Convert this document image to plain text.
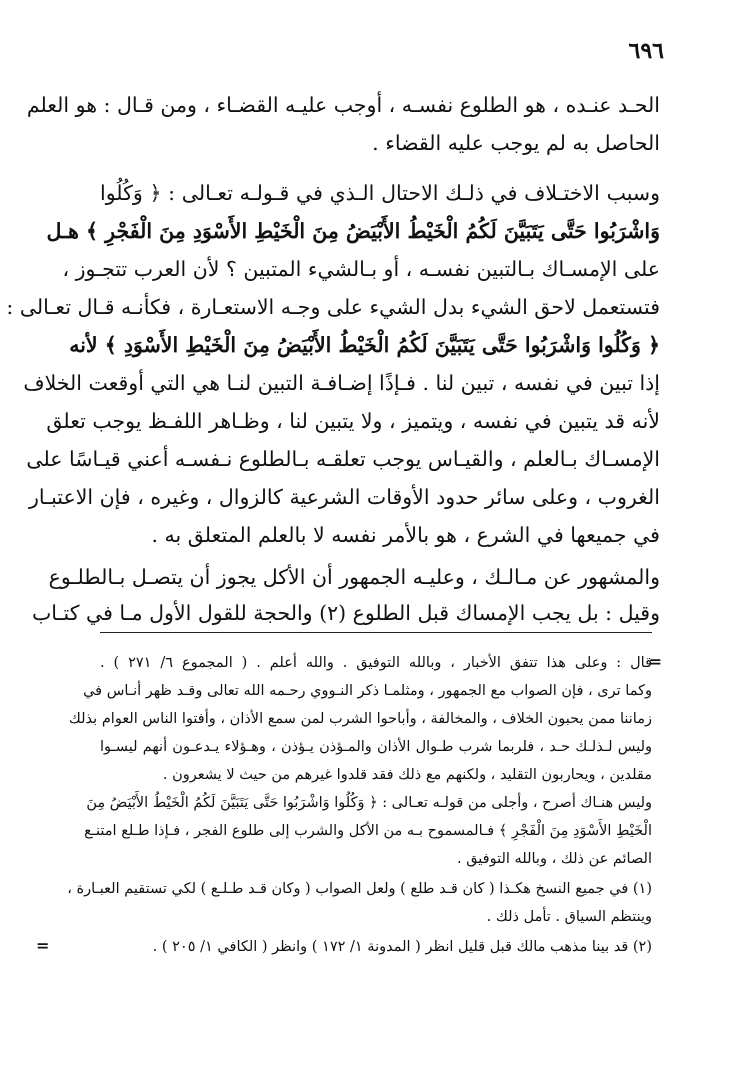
٦٩٦
الحـد عنـده ، هو الطلوع نفسـه ، أوجب عليـه القضـاء ، ومن قـال : هو العلم
الحاصل به لم يوجب عليه القضاء .
وسبب الاختـلاف في ذلـك الاحتال الـذي في قـولـه تعـالى : ﴿ وَكُلُوا
وَاشْرَبُوا حَتَّى يَتَبَيَّنَ لَكُمُ الْخَيْطُ الأَبْيَضُ مِنَ الْخَيْطِ الأَسْوَدِ مِنَ الْفَجْرِ ﴾ هـل
على الإمسـاك بـالتبين نفسـه ، أو بـالشيء المتبين ؟ لأن العرب تتجـوز ،
فتستعمل لاحق الشيء بدل الشيء على وجـه الاستعـارة ، فكأنـه قـال تعـالى :
﴿ وَكُلُوا وَاشْرَبُوا حَتَّى يَتَبَيَّنَ لَكُمُ الْخَيْطُ الأَبْيَضُ مِنَ الْخَيْطِ الأَسْوَدِ ﴾ لأنه
إذا تبين في نفسه ، تبين لنا . فـإذًا إضـافـة التبين لنـا هي التي أوقعت الخلاف
لأنه قد يتبين في نفسه ، ويتميز ، ولا يتبين لنا ، وظـاهر اللفـظ يوجب تعلق
الإمسـاك بـالعلم ، والقيـاس يوجب تعلقـه بـالطلوع نـفسـه أعني قيـاسًا على
الغروب ، وعلى سائر حدود الأوقات الشرعية كالزوال ، وغيره ، فإن الاعتبـار
في جميعها في الشرع ، هو بالأمر نفسه لا بالعلم المتعلق به .
والمشهور عن مـالـك ، وعليـه الجمهور أن الأكل يجوز أن يتصـل بـالطلـوع
وقيل : بل يجب الإمساك قبل الطلوع (٢) والحجة للقول الأول مـا في كتـاب
=
قال : وعلى هذا تتفق الأخبار ، وبالله التوفيق . والله أعلم . ( المجموع ٦/ ٢٧١ ) .
وكما ترى ، فإن الصواب مع الجمهور ، ومثلمـا ذكر النـووي رحـمه الله تعالى وقـد ظهر أنـاس في
زماننا ممن يحبون الخلاف ، والمخالفة ، وأباحوا الشرب لمن سمع الأذان ، وأفتوا الناس العوام بذلك
وليس لـذلـك حـد ، فلربما شرب طـوال الأذان والمـؤذن يـؤذن ، وهـؤلاء يـدعـون أنهم ليسـوا
مقلدين ، ويحاربون التقليد ، ولكنهم مع ذلك فقد قلدوا غيرهم من حيث لا يشعرون .
وليس هنـاك أصرح ، وأجلى من قولـه تعـالى : ﴿ وَكُلُوا وَاشْرَبُوا حَتَّى يَتَبَيَّنَ لَكُمُ الْخَيْطُ الأَبْيَضُ مِنَ
الْخَيْطِ الأَسْوَدِ مِنَ الْفَجْرِ ﴾ فـالمسموح بـه من الأكل والشرب إلى طلوع الفجر ، فـإذا طـلع امتنـع
الصائم عن ذلك ، وبالله التوفيق .
(١) في جميع النسخ هكـذا ( كان قـد طلع ) ولعل الصواب ( وكان قـد طـلـع ) لكي تستقيم العبـارة ،
وينتظم السياق . تأمل ذلك .
(٢) قد بينا مذهب مالك قبل قليل انظر ( المدونة ١/ ١٧٢ ) وانظر ( الكافي ١/ ٢٠٥ ) .
=
